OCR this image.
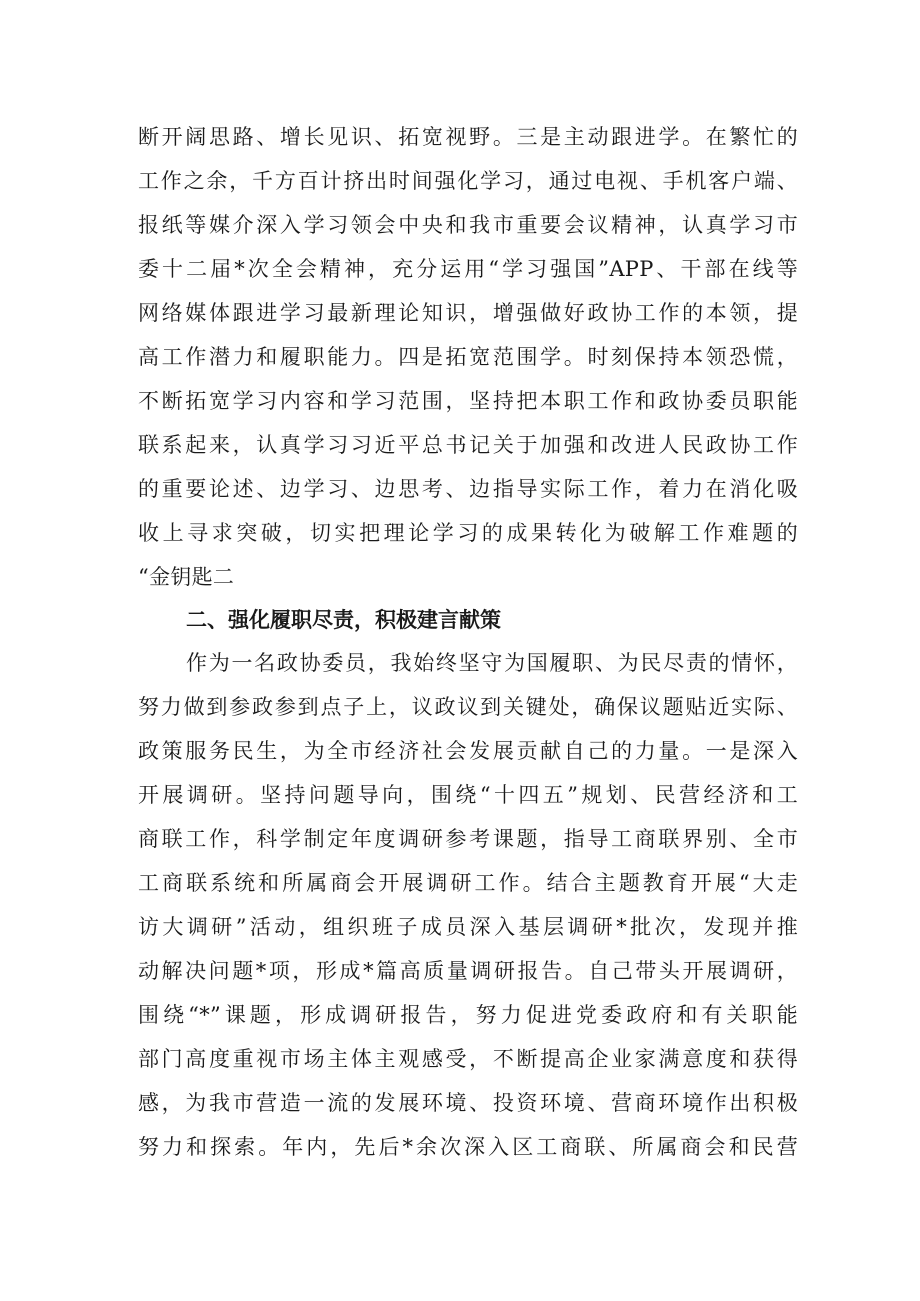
断开阔思路、增长见识、拓宽视野。三是主动跟进学。在繁忙的
工作之余，千方百计挤出时间强化学习，通过电视、手机客户端、
报纸等媒介深入学习领会中央和我市重要会议精神，认真学习市
委十二届*次全会精神，充分运用“学习强国”APP、干部在线等
网络媒体跟进学习最新理论知识，增强做好政协工作的本领，提
高工作潜力和履职能力。四是拓宽范围学。时刻保持本领恐慌，
不断拓宽学习内容和学习范围，坚持把本职工作和政协委员职能
联系起来，认真学习习近平总书记关于加强和改进人民政协工作
的重要论述、边学习、边思考、边指导实际工作，着力在消化吸
收上寻求突破，切实把理论学习的成果转化为破解工作难题的
“金钥匙二
二、强化履职尽责，积极建言献策
作为一名政协委员，我始终坚守为国履职、为民尽责的情怀，
努力做到参政参到点子上，议政议到关键处，确保议题贴近实际、
政策服务民生，为全市经济社会发展贡献自己的力量。一是深入
开展调研。坚持问题导向，围绕“十四五”规划、民营经济和工
商联工作，科学制定年度调研参考课题，指导工商联界别、全市
工商联系统和所属商会开展调研工作。结合主题教育开展“大走
访大调研”活动，组织班子成员深入基层调研*批次，发现并推
动解决问题*项，形成*篇高质量调研报告。自己带头开展调研，
围绕“*”课题，形成调研报告，努力促进党委政府和有关职能
部门高度重视市场主体主观感受，不断提高企业家满意度和获得
感，为我市营造一流的发展环境、投资环境、营商环境作出积极
努力和探索。年内，先后*余次深入区工商联、所属商会和民营
